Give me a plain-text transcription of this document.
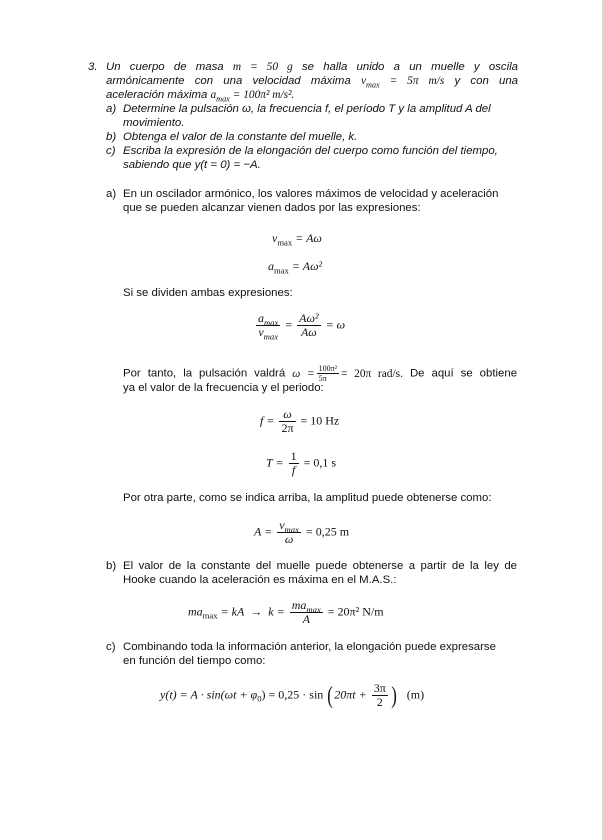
3. Un cuerpo de masa m = 50 g se halla unido a un muelle y oscila
armónicamente con una velocidad máxima $v_{max} = 5\pi$ m/s y con una
aceleración máxima $a_{max} = 100\pi^2$ m/s².
a) Determine la pulsación ω, la frecuencia f, el período T y la amplitud A del
movimiento.
b) Obtenga el valor de la constante del muelle, k.
c) Escriba la expresión de la elongación del cuerpo como función del tiempo,
sabiendo que y(t = 0) = −A.
a) En un oscilador armónico, los valores máximos de velocidad y aceleración
que se pueden alcanzar vienen dados por las expresiones:
$v_{max} = A\omega$
$a_{max} = A\omega^2$
Si se dividen ambas expresiones:
$\frac{a_{max}}{v_{max}} = \frac{\text{Aω²}}{A\omega} = \omega$
Por tanto, la pulsación valdrá $\omega = \frac{\text{100π²}}{5\pi} = 20\pi$ rad/s. De aquí se obtiene
ya el valor de la frecuencia y el periodo:
$f = \frac{\omega}{2\pi} = 10$ Hz
$T = \frac{1}{f} = 0,1$ s
Por otra parte, como se indica arriba, la amplitud puede obtenerse como:
$A = \frac{v_{max}}{\omega} = 0,25$ m
b) El valor de la constante del muelle puede obtenerse a partir de la ley de
Hooke cuando la aceleración es máxima en el M.A.S.:
$ma_{max}$ = kA → $k = \frac{ma_{max}}{A} = 20\pi^2$ N/m
c) Combinando toda la información anterior, la elongación puede expresarse
en función del tiempo como:
$y(t) = A \cdot \sin(\omega t + \varphi_0) = 0,25 \cdot \sin (20\pi t + \frac{3\pi}{2}$ ) (m)
